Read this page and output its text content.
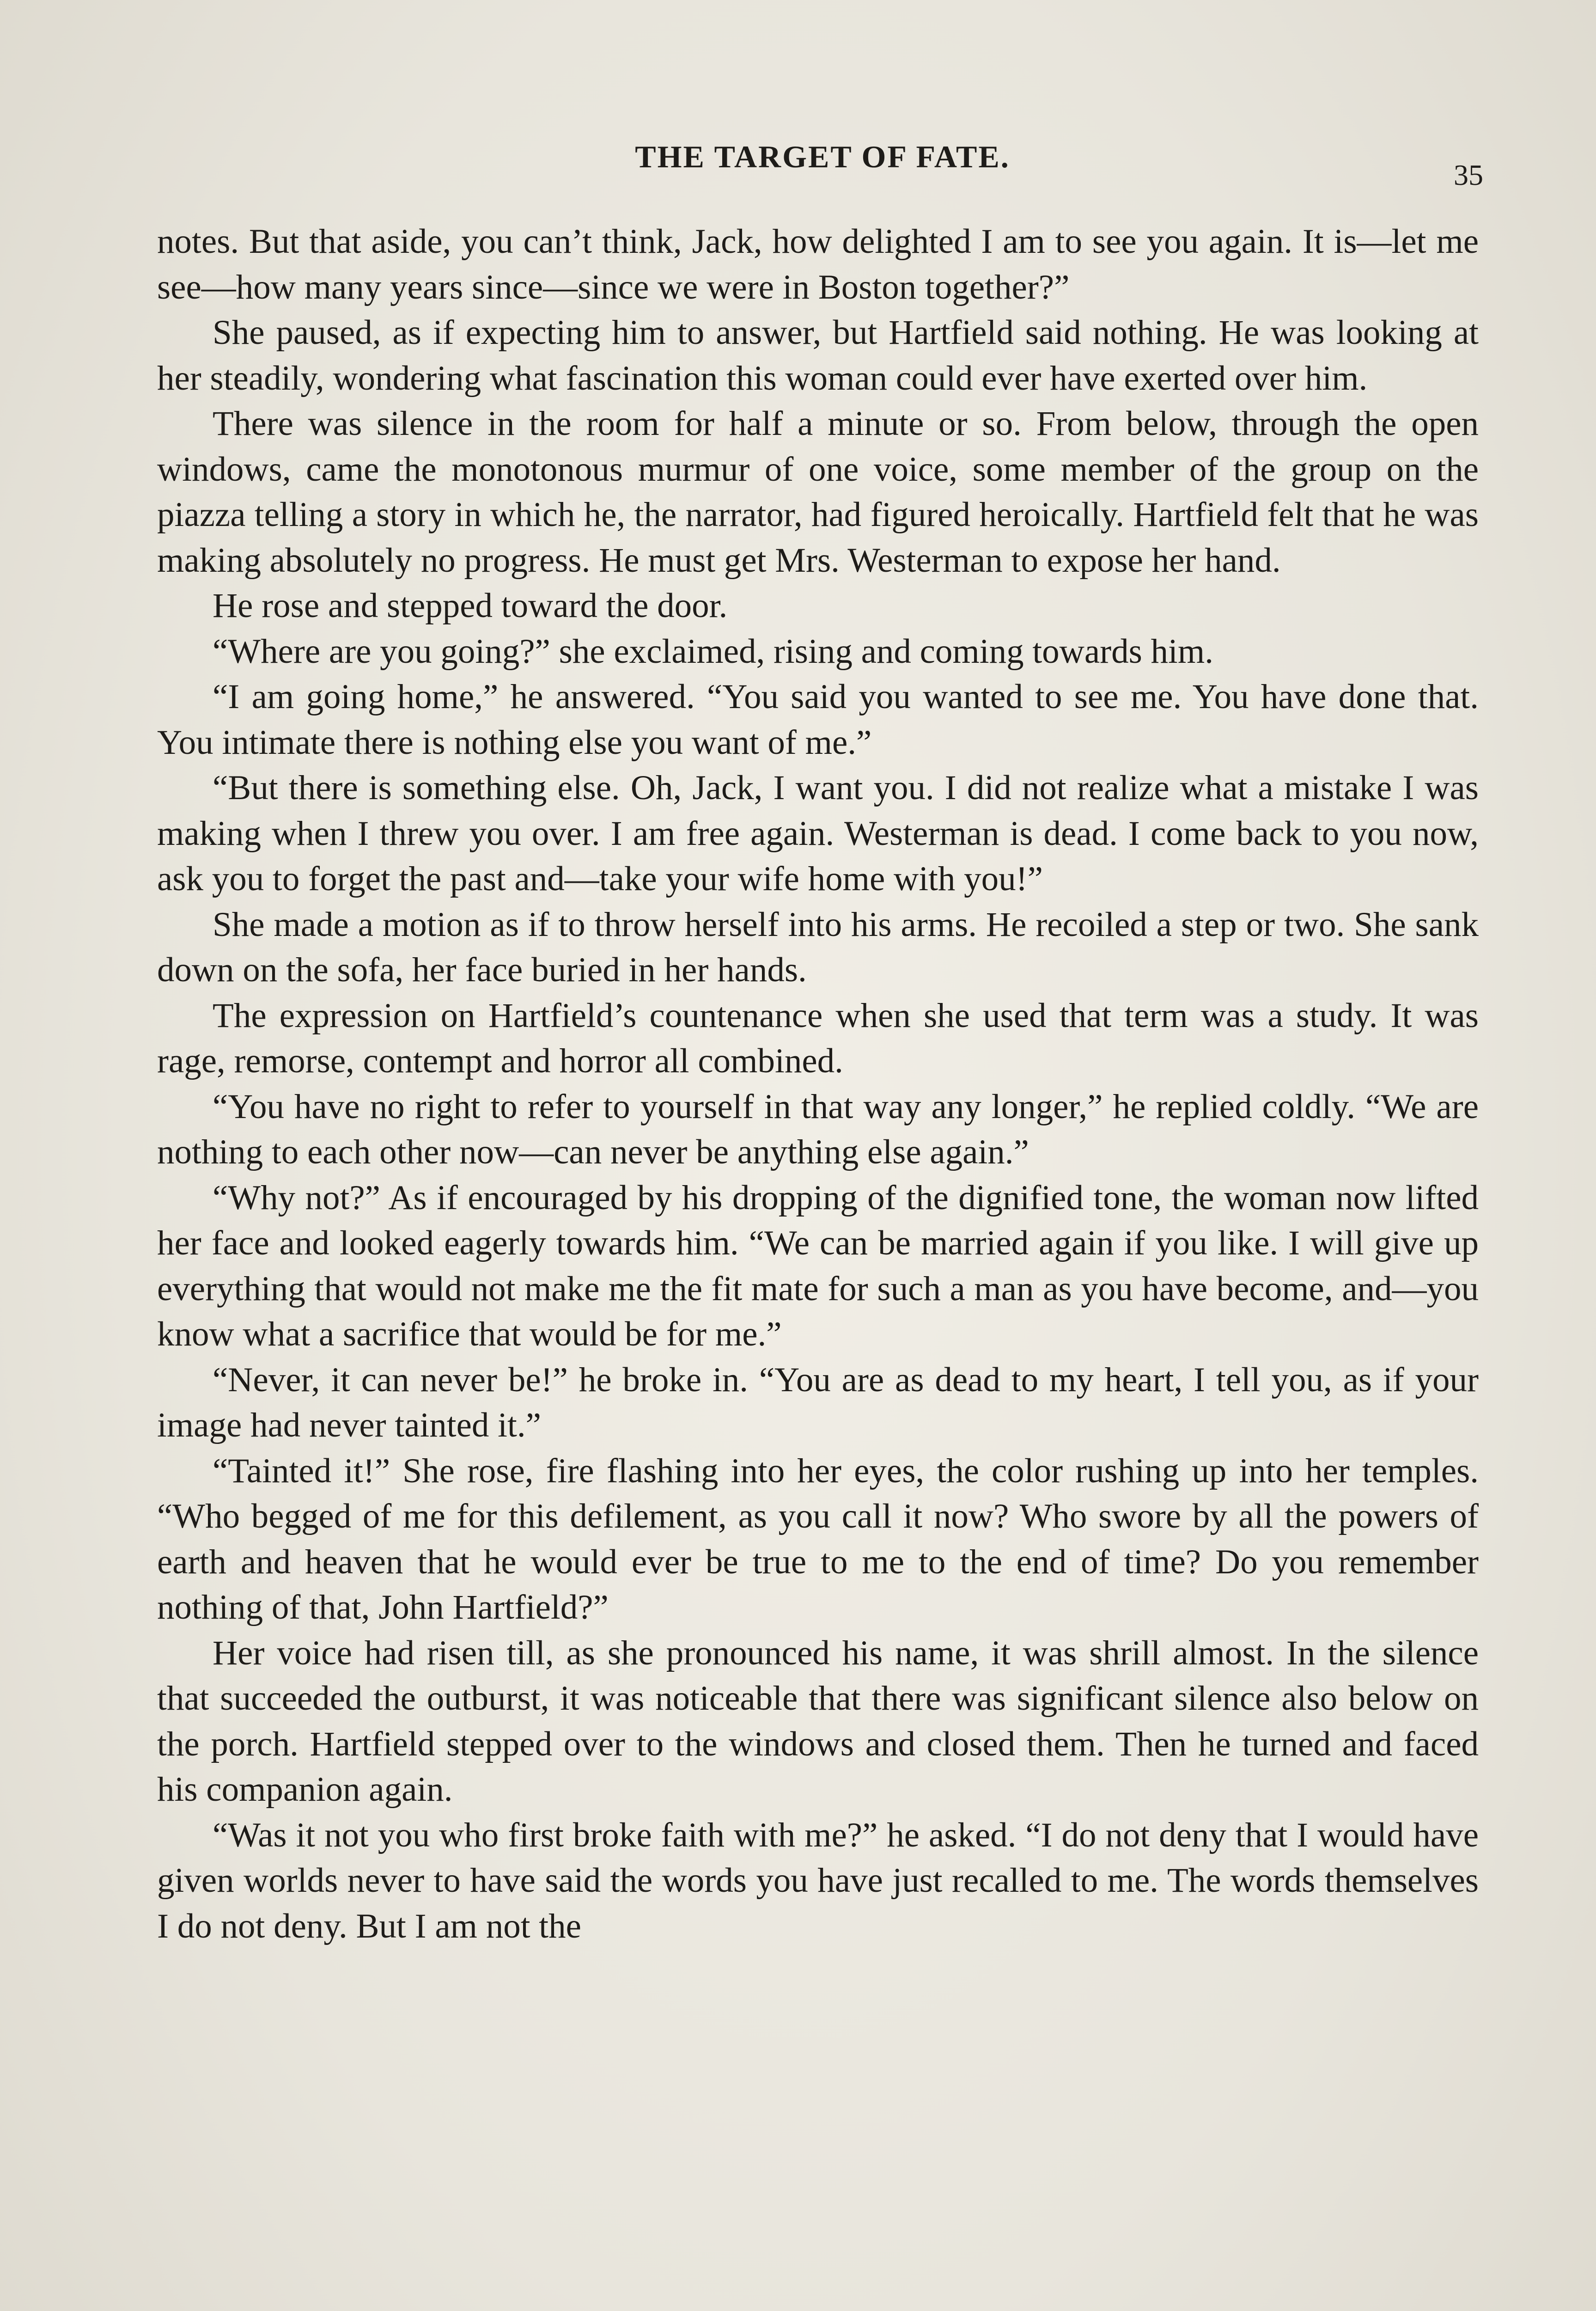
THE TARGET OF FATE.
35

notes. But that aside, you can’t think, Jack, how delighted I am to see you again. It is—let me see—how many years since—since we were in Boston together?”

She paused, as if expecting him to answer, but Hartfield said nothing. He was looking at her steadily, wondering what fascination this woman could ever have exerted over him.

There was silence in the room for half a minute or so. From below, through the open windows, came the monotonous murmur of one voice, some member of the group on the piazza telling a story in which he, the narrator, had figured heroically. Hartfield felt that he was making absolutely no progress. He must get Mrs. Westerman to expose her hand.

He rose and stepped toward the door.

“Where are you going?” she exclaimed, rising and coming towards him.

“I am going home,” he answered. “You said you wanted to see me. You have done that. You intimate there is nothing else you want of me.”

“But there is something else. Oh, Jack, I want you. I did not realize what a mistake I was making when I threw you over. I am free again. Westerman is dead. I come back to you now, ask you to forget the past and—take your wife home with you!”

She made a motion as if to throw herself into his arms. He recoiled a step or two. She sank down on the sofa, her face buried in her hands.

The expression on Hartfield’s countenance when she used that term was a study. It was rage, remorse, contempt and horror all combined.

“You have no right to refer to yourself in that way any longer,” he replied coldly. “We are nothing to each other now—can never be anything else again.”

“Why not?” As if encouraged by his dropping of the dignified tone, the woman now lifted her face and looked eagerly towards him. “We can be married again if you like. I will give up everything that would not make me the fit mate for such a man as you have become, and—you know what a sacrifice that would be for me.”

“Never, it can never be!” he broke in. “You are as dead to my heart, I tell you, as if your image had never tainted it.”

“Tainted it!” She rose, fire flashing into her eyes, the color rushing up into her temples. “Who begged of me for this defilement, as you call it now? Who swore by all the powers of earth and heaven that he would ever be true to me to the end of time? Do you remember nothing of that, John Hartfield?”

Her voice had risen till, as she pronounced his name, it was shrill almost. In the silence that succeeded the outburst, it was noticeable that there was significant silence also below on the porch. Hartfield stepped over to the windows and closed them. Then he turned and faced his companion again.

“Was it not you who first broke faith with me?” he asked. “I do not deny that I would have given worlds never to have said the words you have just recalled to me. The words themselves I do not deny. But I am not the
